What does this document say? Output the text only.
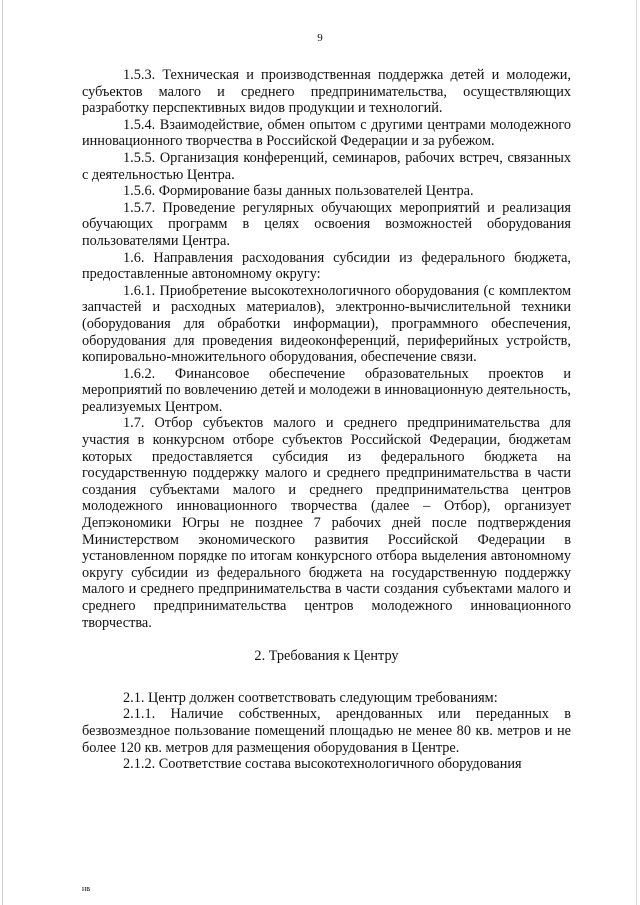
9

1.5.3. Техническая и производственная поддержка детей и молодежи, субъектов малого и среднего предпринимательства, осуществляющих разработку перспективных видов продукции и технологий.

1.5.4. Взаимодействие, обмен опытом с другими центрами молодежного инновационного творчества в Российской Федерации и за рубежом.

1.5.5. Организация конференций, семинаров, рабочих встреч, связанных с деятельностью Центра.

1.5.6. Формирование базы данных пользователей Центра.

1.5.7. Проведение регулярных обучающих мероприятий и реализация обучающих программ в целях освоения возможностей оборудования пользователями Центра.

1.6. Направления расходования субсидии из федерального бюджета, предоставленные автономному округу:

1.6.1. Приобретение высокотехнологичного оборудования (с комплектом запчастей и расходных материалов), электронно-вычислительной техники (оборудования для обработки информации), программного обеспечения, оборудования для проведения видеоконференций, периферийных устройств, копировально-множительного оборудования, обеспечение связи.

1.6.2. Финансовое обеспечение образовательных проектов и мероприятий по вовлечению детей и молодежи в инновационную деятельность, реализуемых Центром.

1.7. Отбор субъектов малого и среднего предпринимательства для участия в конкурсном отборе субъектов Российской Федерации, бюджетам которых предоставляется субсидия из федерального бюджета на государственную поддержку малого и среднего предпринимательства в части создания субъектами малого и среднего предпринимательства центров молодежного инновационного творчества (далее – Отбор), организует Депэкономики Югры не позднее 7 рабочих дней после подтверждения Министерством экономического развития Российской Федерации в установленном порядке по итогам конкурсного отбора выделения автономному округу субсидии из федерального бюджета на государственную поддержку малого и среднего предпринимательства в части создания субъектами малого и среднего предпринимательства центров молодежного инновационного творчества.

2. Требования к Центру

2.1. Центр должен соответствовать следующим требованиям:

2.1.1. Наличие собственных, арендованных или переданных в безвозмездное пользование помещений площадью не менее 80 кв. метров и не более 120 кв. метров для размещения оборудования в Центре.

2.1.2. Соответствие состава высокотехнологичного оборудования

нв
